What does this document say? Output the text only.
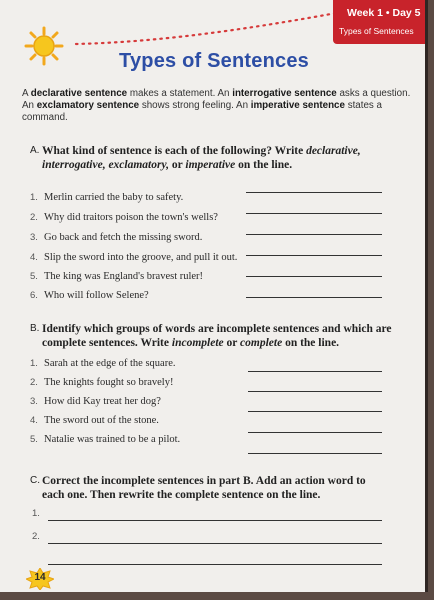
Week 1 • Day 5
Types of Sentences
Types of Sentences
A declarative sentence makes a statement. An interrogative sentence asks a question. An exclamatory sentence shows strong feeling. An imperative sentence states a command.
A. What kind of sentence is each of the following? Write declarative,
interrogative, exclamatory, or imperative on the line.
1. Merlin carried the baby to safety.
2. Why did traitors poison the town's wells?
3. Go back and fetch the missing sword.
4. Slip the sword into the groove, and pull it out.
5. The king was England's bravest ruler!
6. Who will follow Selene?
B. Identify which groups of words are incomplete sentences and which are complete sentences. Write incomplete or complete on the line.
1. Sarah at the edge of the square.
2. The knights fought so bravely!
3. How did Kay treat her dog?
4. The sword out of the stone.
5. Natalie was trained to be a pilot.
C. Correct the incomplete sentences in part B. Add an action word to each one. Then rewrite the complete sentence on the line.
1.
2.
14
